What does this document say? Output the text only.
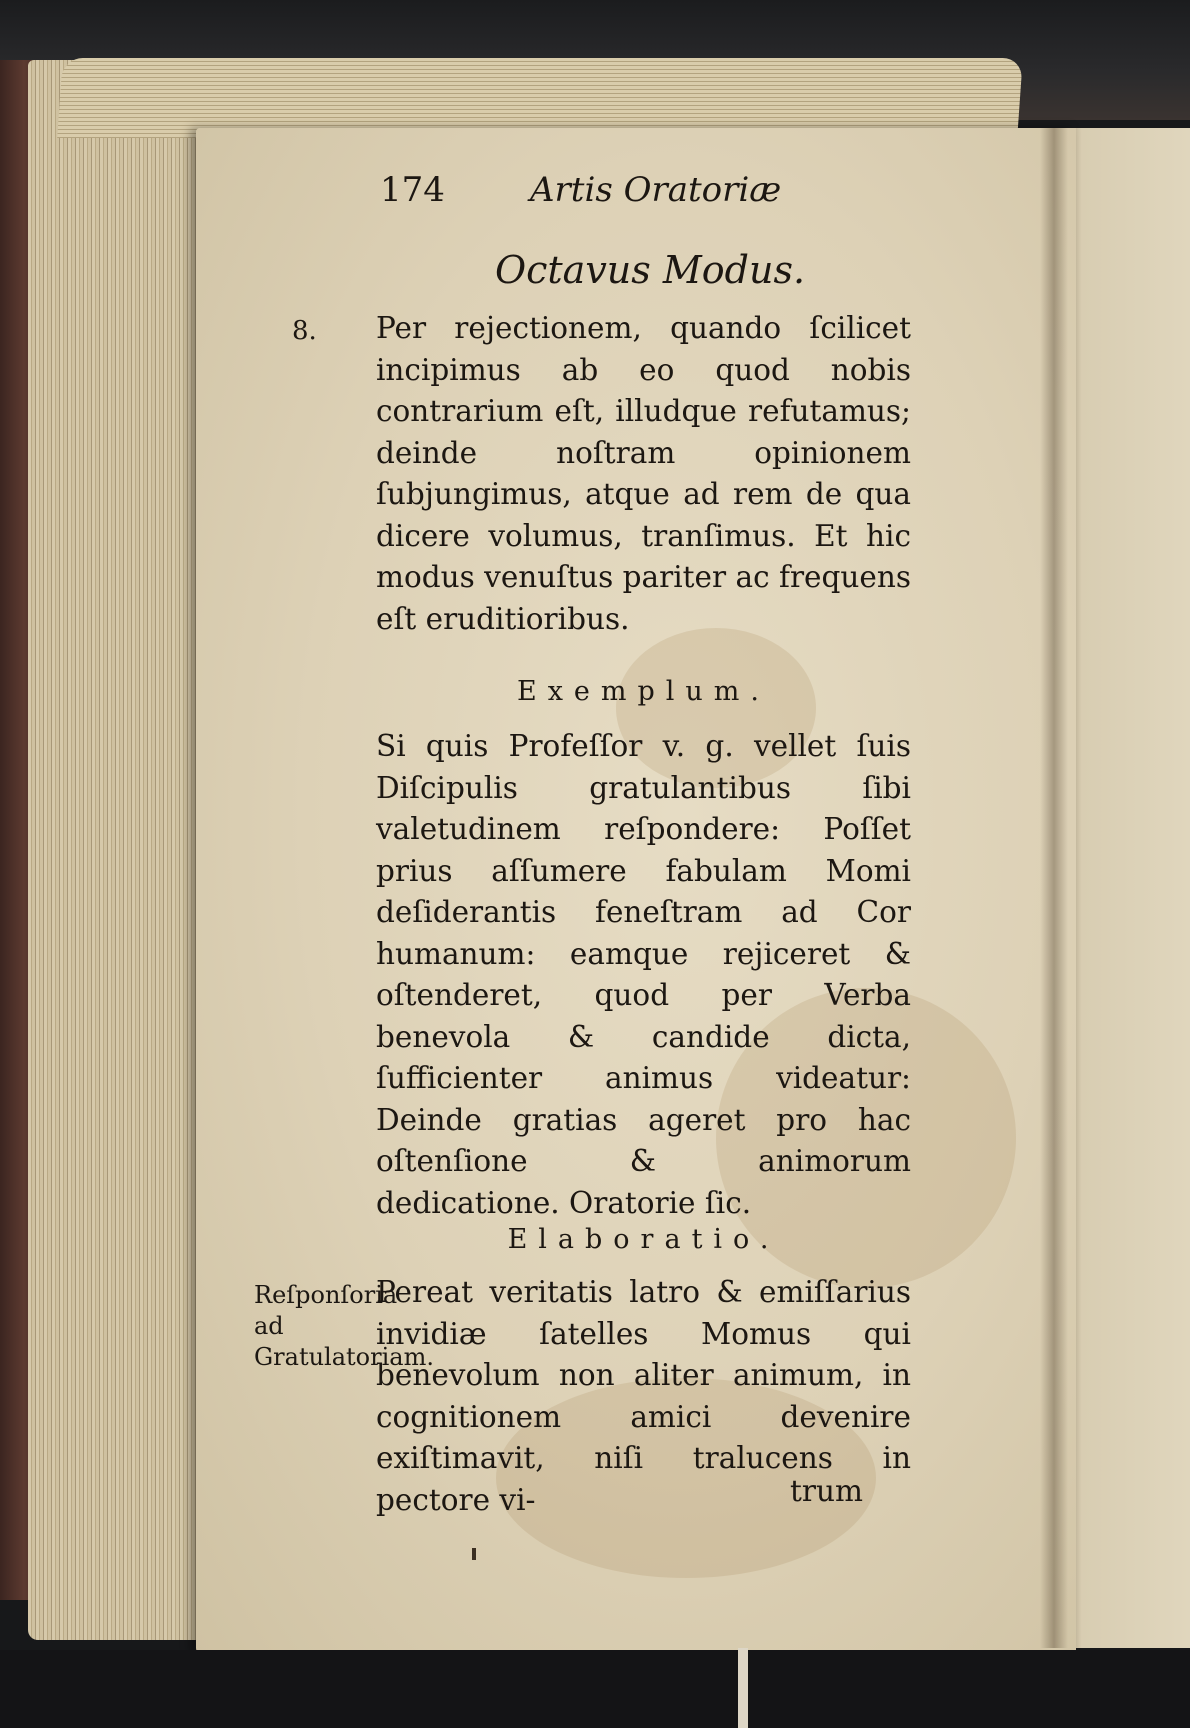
174	Artis Oratoriæ
Octavus Modus.
8. Per rejectionem, quando ſcilicet incipimus ab eo quod nobis contrarium eſt, illudque refutamus; deinde noſtram opinionem ſubjungimus, atque ad rem de qua dicere volumus, tranſimus. Et hic modus venuſtus pariter ac frequens eſt eruditioribus.
Exemplum.
Si quis Profeſſor v. g. vellet ſuis Diſcipulis gratulantibus ſibi valetudinem reſpondere: Poſſet prius aſſumere fabulam Momi deſiderantis feneſtram ad Cor humanum: eamque rejiceret & oſtenderet, quod per Verba benevola & candide dicta, ſufficienter animus videatur: Deinde gratias ageret pro hac oſtenſione & animorum dedicatione. Oratorie ſic.
Elaboratio.
Reſponſoria ad Gratulatoriam.
Pereat veritatis latro & emiſſarius invidiæ ſatelles Momus qui benevolum non aliter animum, in cognitionem amici devenire exiſtimavit, niſi tralucens in pectore vi-	trum
